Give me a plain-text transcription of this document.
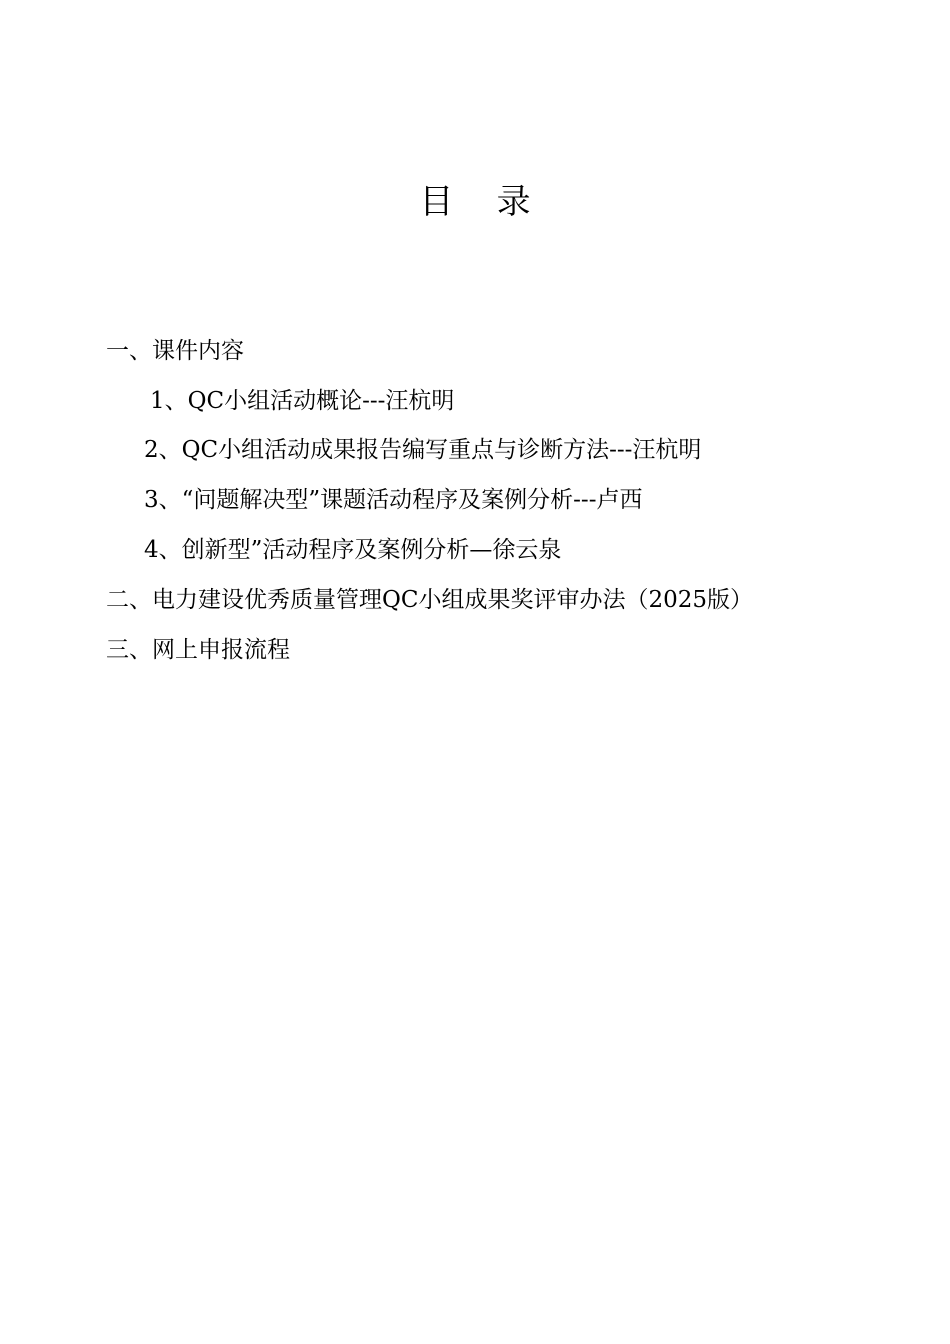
目    录
一、课件内容
1、QC小组活动概论---汪杭明
2、QC小组活动成果报告编写重点与诊断方法---汪杭明
3、“问题解决型”课题活动程序及案例分析---卢西
4、创新型”活动程序及案例分析—徐云泉
二、电力建设优秀质量管理QC小组成果奖评审办法（2025版）
三、网上申报流程
